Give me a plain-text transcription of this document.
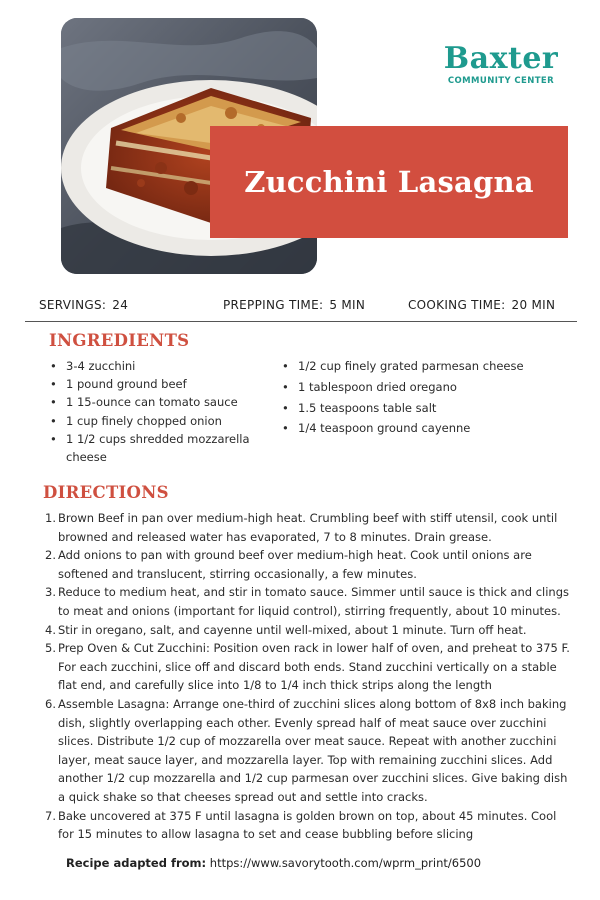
Baxter
COMMUNITY CENTER
Zucchini Lasagna
SERVINGS: 24	PREPPING TIME: 5 MIN	COOKING TIME: 20 MIN
INGREDIENTS
• 3-4 zucchini
• 1 pound ground beef
• 1 15-ounce can tomato sauce
• 1 cup finely chopped onion
• 1 1/2 cups shredded mozzarella cheese
• 1/2 cup finely grated parmesan cheese
• 1 tablespoon dried oregano
• 1.5 teaspoons table salt
• 1/4 teaspoon ground cayenne
DIRECTIONS
1. Brown Beef in pan over medium-high heat. Crumbling beef with stiff utensil, cook until browned and released water has evaporated, 7 to 8 minutes. Drain grease.
2. Add onions to pan with ground beef over medium-high heat. Cook until onions are softened and translucent, stirring occasionally, a few minutes.
3. Reduce to medium heat, and stir in tomato sauce. Simmer until sauce is thick and clings to meat and onions (important for liquid control), stirring frequently, about 10 minutes.
4. Stir in oregano, salt, and cayenne until well-mixed, about 1 minute. Turn off heat.
5. Prep Oven & Cut Zucchini: Position oven rack in lower half of oven, and preheat to 375 F. For each zucchini, slice off and discard both ends. Stand zucchini vertically on a stable flat end, and carefully slice into 1/8 to 1/4 inch thick strips along the length
6. Assemble Lasagna: Arrange one-third of zucchini slices along bottom of 8x8 inch baking dish, slightly overlapping each other. Evenly spread half of meat sauce over zucchini slices. Distribute 1/2 cup of mozzarella over meat sauce. Repeat with another zucchini layer, meat sauce layer, and mozzarella layer. Top with remaining zucchini slices. Add another 1/2 cup mozzarella and 1/2 cup parmesan over zucchini slices. Give baking dish a quick shake so that cheeses spread out and settle into cracks.
7. Bake uncovered at 375 F until lasagna is golden brown on top, about 45 minutes. Cool for 15 minutes to allow lasagna to set and cease bubbling before slicing
Recipe adapted from: https://www.savorytooth.com/wprm_print/6500
